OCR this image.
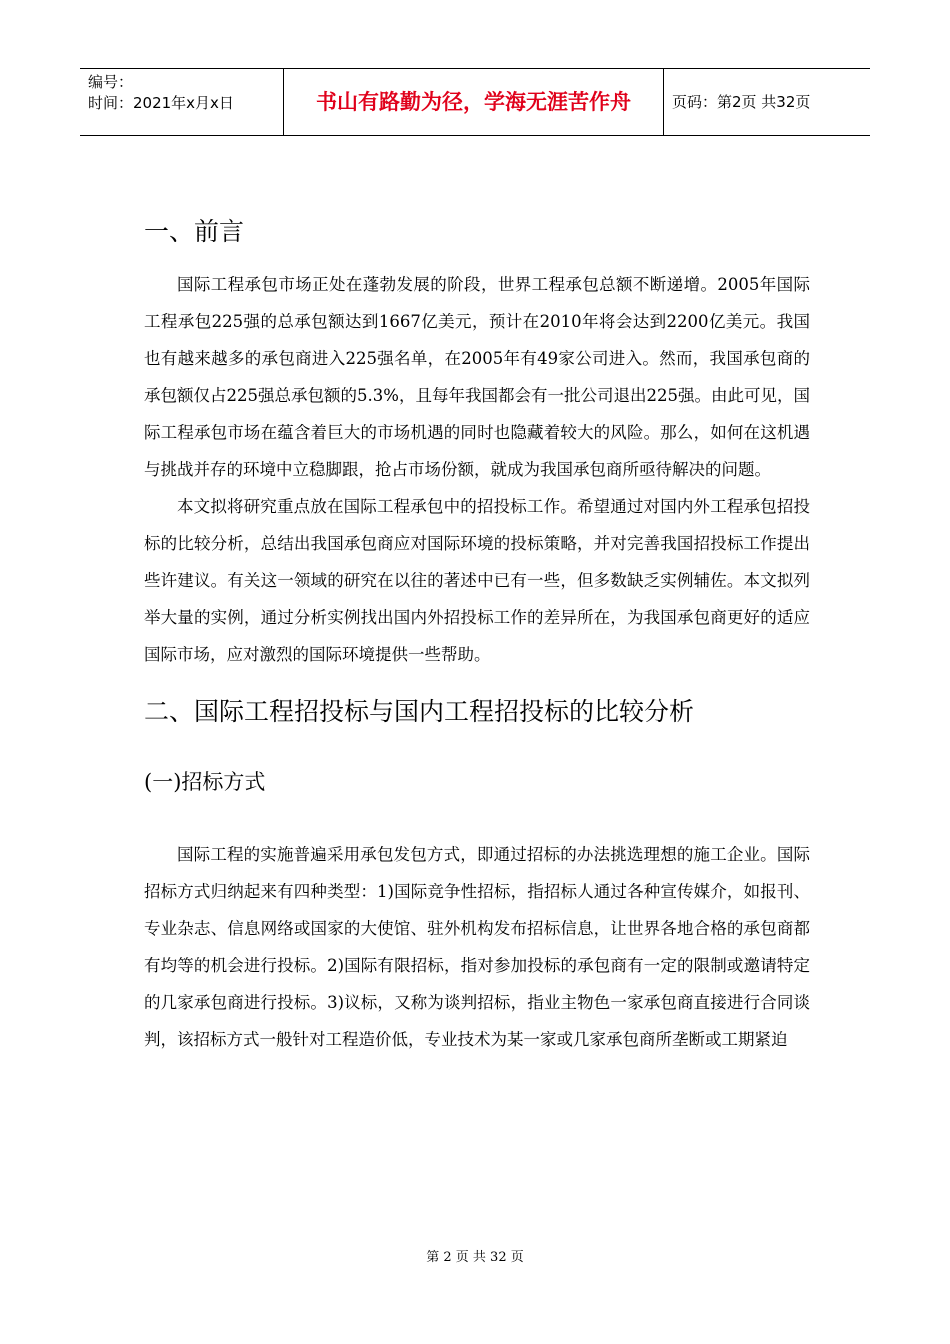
编号：
时间：2021年x月x日	书山有路勤为径，学海无涯苦作舟	页码：第2页 共32页
一、前言

国际工程承包市场正处在蓬勃发展的阶段，世界工程承包总额不断递增。2005年国际工程承包225强的总承包额达到1667亿美元，预计在2010年将会达到2200亿美元。我国也有越来越多的承包商进入225强名单，在2005年有49家公司进入。然而，我国承包商的承包额仅占225强总承包额的5.3%，且每年我国都会有一批公司退出225强。由此可见，国际工程承包市场在蕴含着巨大的市场机遇的同时也隐藏着较大的风险。那么，如何在这机遇与挑战并存的环境中立稳脚跟，抢占市场份额，就成为我国承包商所亟待解决的问题。

本文拟将研究重点放在国际工程承包中的招投标工作。希望通过对国内外工程承包招投标的比较分析，总结出我国承包商应对国际环境的投标策略，并对完善我国招投标工作提出些许建议。有关这一领域的研究在以往的著述中已有一些，但多数缺乏实例辅佐。本文拟列举大量的实例，通过分析实例找出国内外招投标工作的差异所在，为我国承包商更好的适应国际市场，应对激烈的国际环境提供一些帮助。

二、国际工程招投标与国内工程招投标的比较分析
(一)招标方式

国际工程的实施普遍采用承包发包方式，即通过招标的办法挑选理想的施工企业。国际招标方式归纳起来有四种类型：1)国际竞争性招标，指招标人通过各种宣传媒介，如报刊、专业杂志、信息网络或国家的大使馆、驻外机构发布招标信息，让世界各地合格的承包商都有均等的机会进行投标。2)国际有限招标，指对参加投标的承包商有一定的限制或邀请特定的几家承包商进行投标。3)议标，又称为谈判招标，指业主物色一家承包商直接进行合同谈判，该招标方式一般针对工程造价低，专业技术为某一家或几家承包商所垄断或工期紧迫

第 2 页 共 32 页
